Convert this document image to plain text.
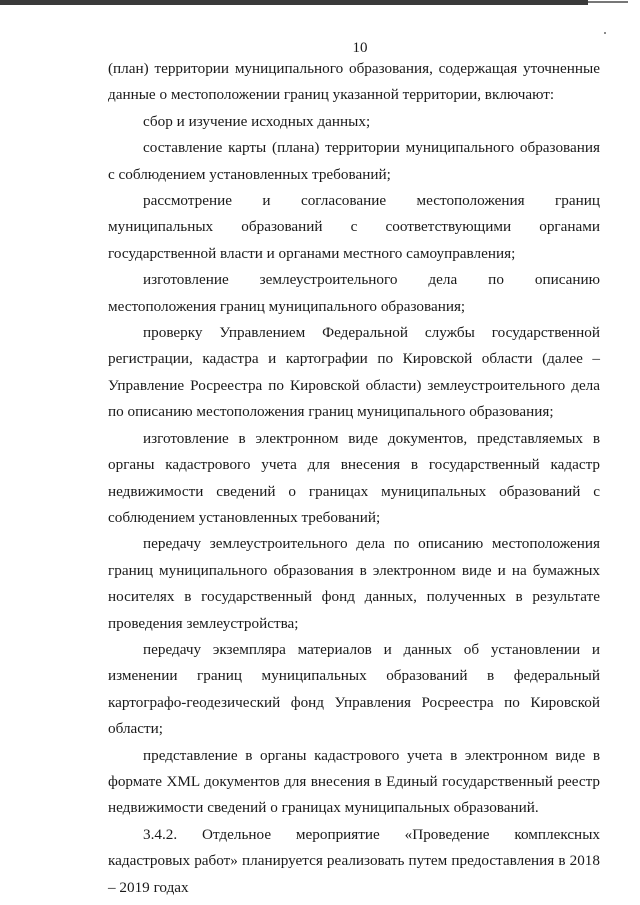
10

(план) территории муниципального образования, содержащая уточненные данные о местоположении границ указанной территории, включают:

сбор и изучение исходных данных;

составление карты (плана) территории муниципального образования с соблюдением установленных требований;

рассмотрение и согласование местоположения границ муниципальных образований с соответствующими органами государственной власти и органами местного самоуправления;

изготовление землеустроительного дела по описанию местоположения границ муниципального образования;

проверку Управлением Федеральной службы государственной регистрации, кадастра и картографии по Кировской области (далее – Управление Росреестра по Кировской области) землеустроительного дела по описанию местоположения границ муниципального образования;

изготовление в электронном виде документов, представляемых в органы кадастрового учета для внесения в государственный кадастр недвижимости сведений о границах муниципальных образований с соблюдением установленных требований;

передачу землеустроительного дела по описанию местоположения границ муниципального образования в электронном виде и на бумажных носителях в государственный фонд данных, полученных в результате проведения землеустройства;

передачу экземпляра материалов и данных об установлении и изменении границ муниципальных образований в федеральный картографо-геодезический фонд Управления Росреестра по Кировской области;

представление в органы кадастрового учета в электронном виде в формате XML документов для внесения в Единый государственный реестр недвижимости сведений о границах муниципальных образований.

3.4.2. Отдельное мероприятие «Проведение комплексных кадастровых работ» планируется реализовать путем предоставления в 2018 – 2019 годах
